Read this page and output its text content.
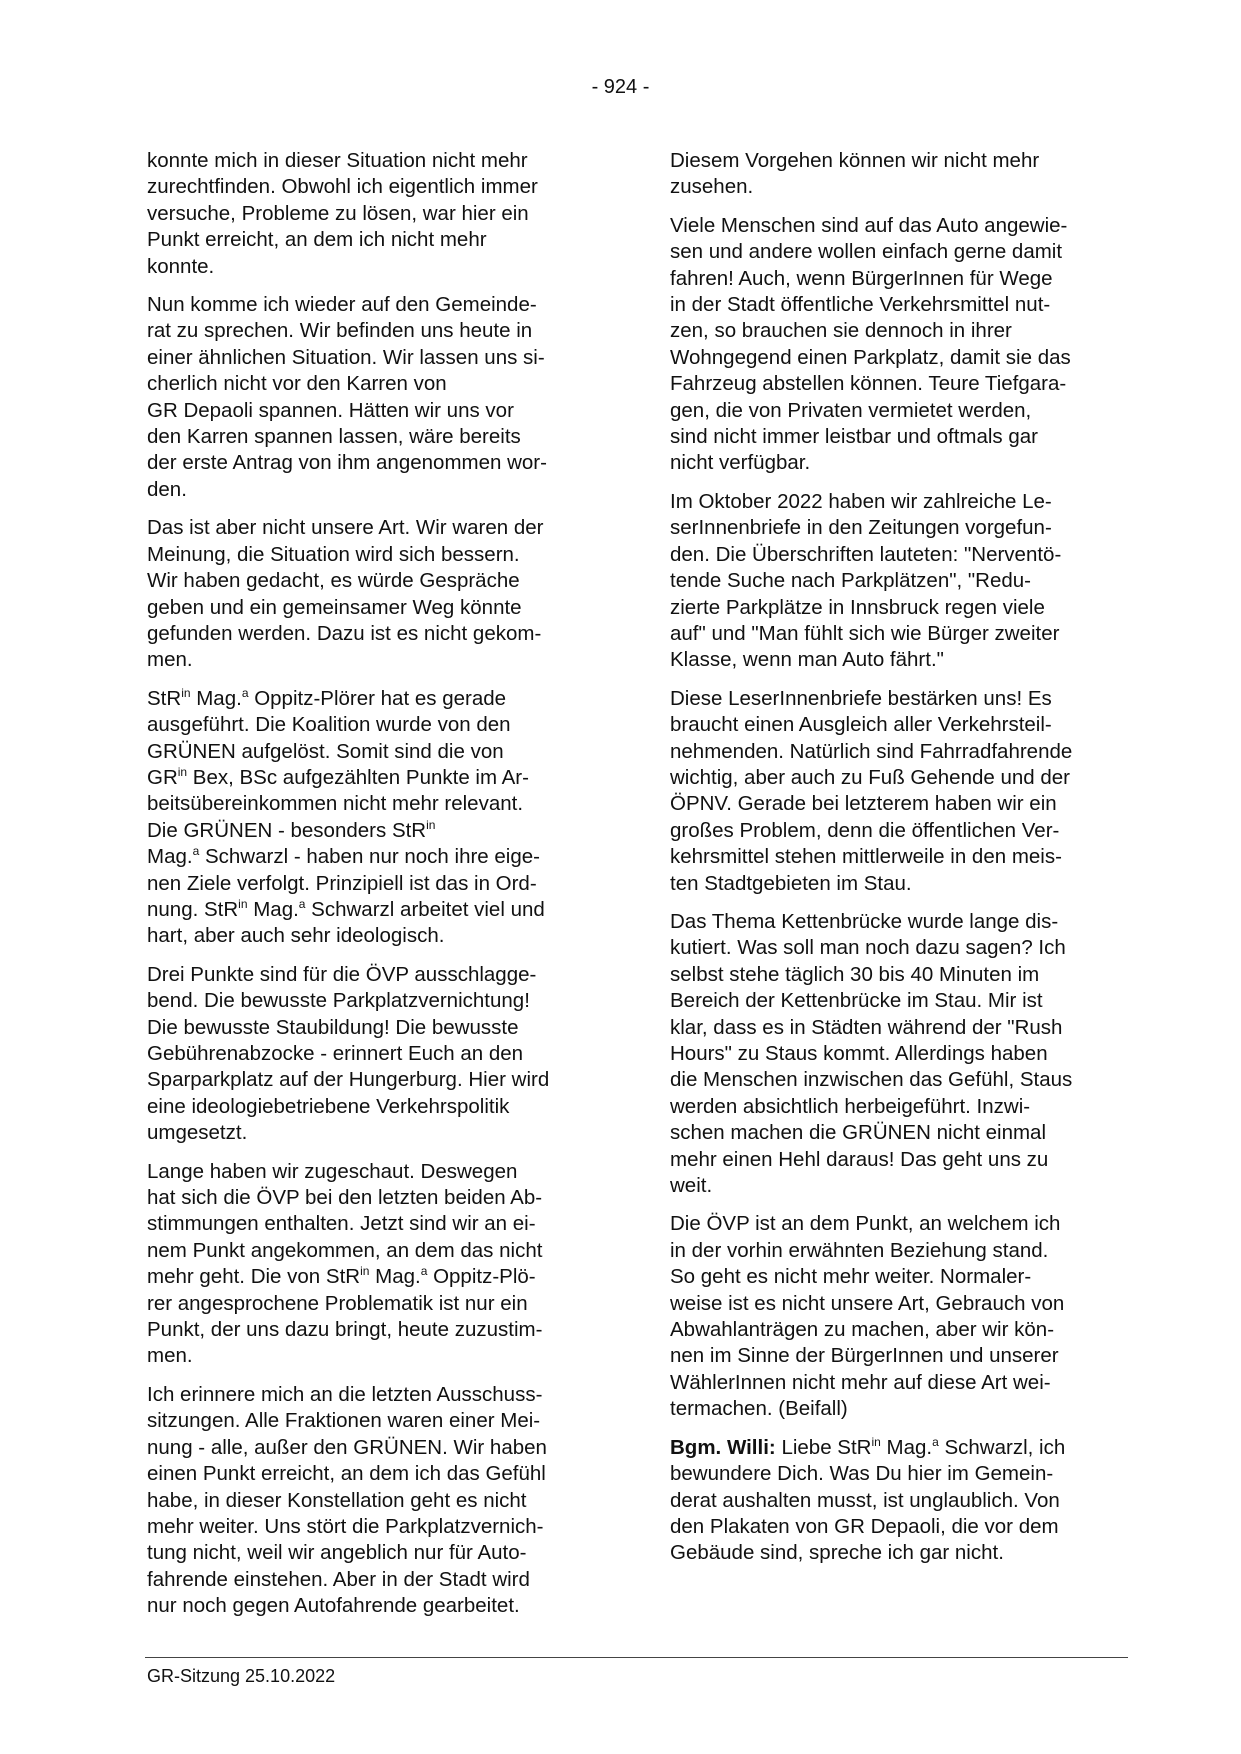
- 924 -

konnte mich in dieser Situation nicht mehr
zurechtfinden. Obwohl ich eigentlich immer
versuche, Probleme zu lösen, war hier ein
Punkt erreicht, an dem ich nicht mehr
konnte.

Nun komme ich wieder auf den Gemeinde-
rat zu sprechen. Wir befinden uns heute in
einer ähnlichen Situation. Wir lassen uns si-
cherlich nicht vor den Karren von
GR Depaoli spannen. Hätten wir uns vor
den Karren spannen lassen, wäre bereits
der erste Antrag von ihm angenommen wor-
den.

Das ist aber nicht unsere Art. Wir waren der
Meinung, die Situation wird sich bessern.
Wir haben gedacht, es würde Gespräche
geben und ein gemeinsamer Weg könnte
gefunden werden. Dazu ist es nicht gekom-
men.

StR$^{in}$ Mag.$^a$ Oppitz-Plörer hat es gerade
ausgeführt. Die Koalition wurde von den
GRÜNEN aufgelöst. Somit sind die von
$GR^{in}$ Bex, BSc aufgezählten Punkte im Ar-
beitsübereinkommen nicht mehr relevant.
Die GRÜNEN - besonders StR$^{in}$
Mag.$^a$ Schwarzl - haben nur noch ihre eige-
nen Ziele verfolgt. Prinzipiell ist das in Ord-
nung. StR$^{in}$ Mag.$^a$ Schwarzl arbeitet viel und
hart, aber auch sehr ideologisch.

Drei Punkte sind für die ÖVP ausschlagge-
bend. Die bewusste Parkplatzvernichtung!
Die bewusste Staubildung! Die bewusste
Gebührenabzocke - erinnert Euch an den
Sparparkplatz auf der Hungerburg. Hier wird
eine ideologiebetriebene Verkehrspolitik
umgesetzt.

Lange haben wir zugeschaut. Deswegen
hat sich die ÖVP bei den letzten beiden Ab-
stimmungen enthalten. Jetzt sind wir an ei-
nem Punkt angekommen, an dem das nicht
mehr geht. Die von StR$^{in}$ Mag.$^a$ Oppitz-Plö-
rer angesprochene Problematik ist nur ein
Punkt, der uns dazu bringt, heute zuzustim-
men.

Ich erinnere mich an die letzten Ausschuss-
sitzungen. Alle Fraktionen waren einer Mei-
nung - alle, außer den GRÜNEN. Wir haben
einen Punkt erreicht, an dem ich das Gefühl
habe, in dieser Konstellation geht es nicht
mehr weiter. Uns stört die Parkplatzvernich-
tung nicht, weil wir angeblich nur für Auto-
fahrende einstehen. Aber in der Stadt wird
nur noch gegen Autofahrende gearbeitet.

Diesem Vorgehen können wir nicht mehr
zusehen.

Viele Menschen sind auf das Auto angewie-
sen und andere wollen einfach gerne damit
fahren! Auch, wenn BürgerInnen für Wege
in der Stadt öffentliche Verkehrsmittel nut-
zen, so brauchen sie dennoch in ihrer
Wohngegend einen Parkplatz, damit sie das
Fahrzeug abstellen können. Teure Tiefgara-
gen, die von Privaten vermietet werden,
sind nicht immer leistbar und oftmals gar
nicht verfügbar.

Im Oktober 2022 haben wir zahlreiche Le-
serInnenbriefe in den Zeitungen vorgefun-
den. Die Überschriften lauteten: "Nerventö-
tende Suche nach Parkplätzen", "Redu-
zierte Parkplätze in Innsbruck regen viele
auf" und "Man fühlt sich wie Bürger zweiter
Klasse, wenn man Auto fährt."

Diese LeserInnenbriefe bestärken uns! Es
braucht einen Ausgleich aller Verkehrsteil-
nehmenden. Natürlich sind Fahrradfahrende
wichtig, aber auch zu Fuß Gehende und der
ÖPNV. Gerade bei letzterem haben wir ein
großes Problem, denn die öffentlichen Ver-
kehrsmittel stehen mittlerweile in den meis-
ten Stadtgebieten im Stau.

Das Thema Kettenbrücke wurde lange dis-
kutiert. Was soll man noch dazu sagen? Ich
selbst stehe täglich 30 bis 40 Minuten im
Bereich der Kettenbrücke im Stau. Mir ist
klar, dass es in Städten während der "Rush
Hours" zu Staus kommt. Allerdings haben
die Menschen inzwischen das Gefühl, Staus
werden absichtlich herbeigeführt. Inzwi-
schen machen die GRÜNEN nicht einmal
mehr einen Hehl daraus! Das geht uns zu
weit.

Die ÖVP ist an dem Punkt, an welchem ich
in der vorhin erwähnten Beziehung stand.
So geht es nicht mehr weiter. Normaler-
weise ist es nicht unsere Art, Gebrauch von
Abwahlanträgen zu machen, aber wir kön-
nen im Sinne der BürgerInnen und unserer
WählerInnen nicht mehr auf diese Art wei-
termachen. (Beifall)

Bgm. Willi: Liebe StR$^{in}$ Mag.$^a$ Schwarzl, ich
bewundere Dich. Was Du hier im Gemein-
derat aushalten musst, ist unglaublich. Von
den Plakaten von GR Depaoli, die vor dem
Gebäude sind, spreche ich gar nicht.

GR-Sitzung 25.10.2022
